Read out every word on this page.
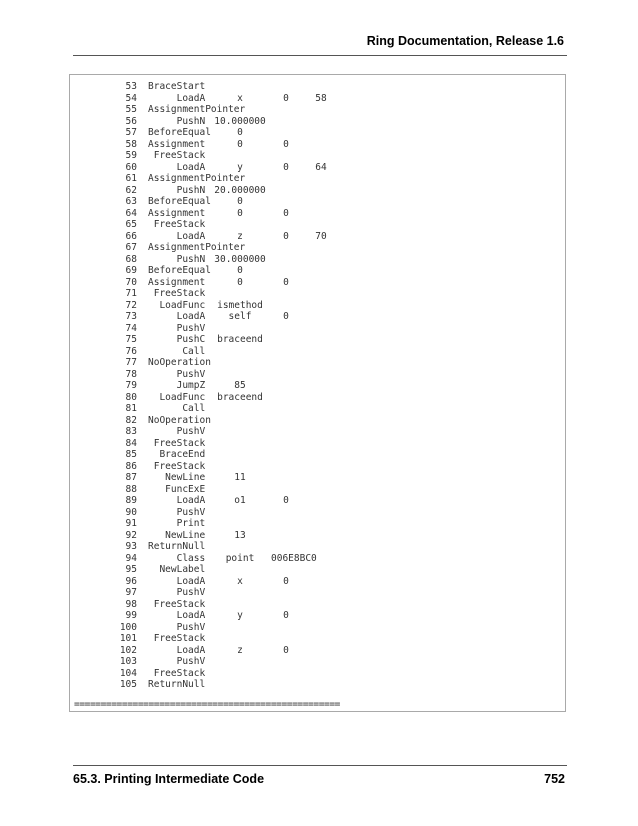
Ring Documentation, Release 1.6
53 BraceStart
54 LoadA	x	0	58
55 AssignmentPointer
56 PushN 10.000000
57 BeforeEqual	0
58 Assignment	0	0
59 FreeStack
60 LoadA	y	0	64
61 AssignmentPointer
62 PushN 20.000000
63 BeforeEqual	0
64 Assignment	0	0
65 FreeStack
66 LoadA	z	0	70
67 AssignmentPointer
68 PushN 30.000000
69 BeforeEqual	0
70 Assignment	0	0
71 FreeStack
72 LoadFunc	ismethod
73 LoadA	self	0
74 PushV
75 PushC	braceend
76 Call
77 NoOperation
78 PushV
79 JumpZ	85
80 LoadFunc	braceend
81 Call
82 NoOperation
83 PushV
84 FreeStack
85 BraceEnd
86 FreeStack
87 NewLine	11
88 FuncExE
89 LoadA	o1	0
90 PushV
91 Print
92 NewLine	13
93 ReturnNull
94 Class	point	006E8BC0
95 NewLabel
96 LoadA	x	0
97 PushV
98 FreeStack
99 LoadA	y	0
100 PushV
101 FreeStack
102 LoadA	z	0
103 PushV
104 FreeStack
105 ReturnNull
==================================================
65.3. Printing Intermediate Code	752
